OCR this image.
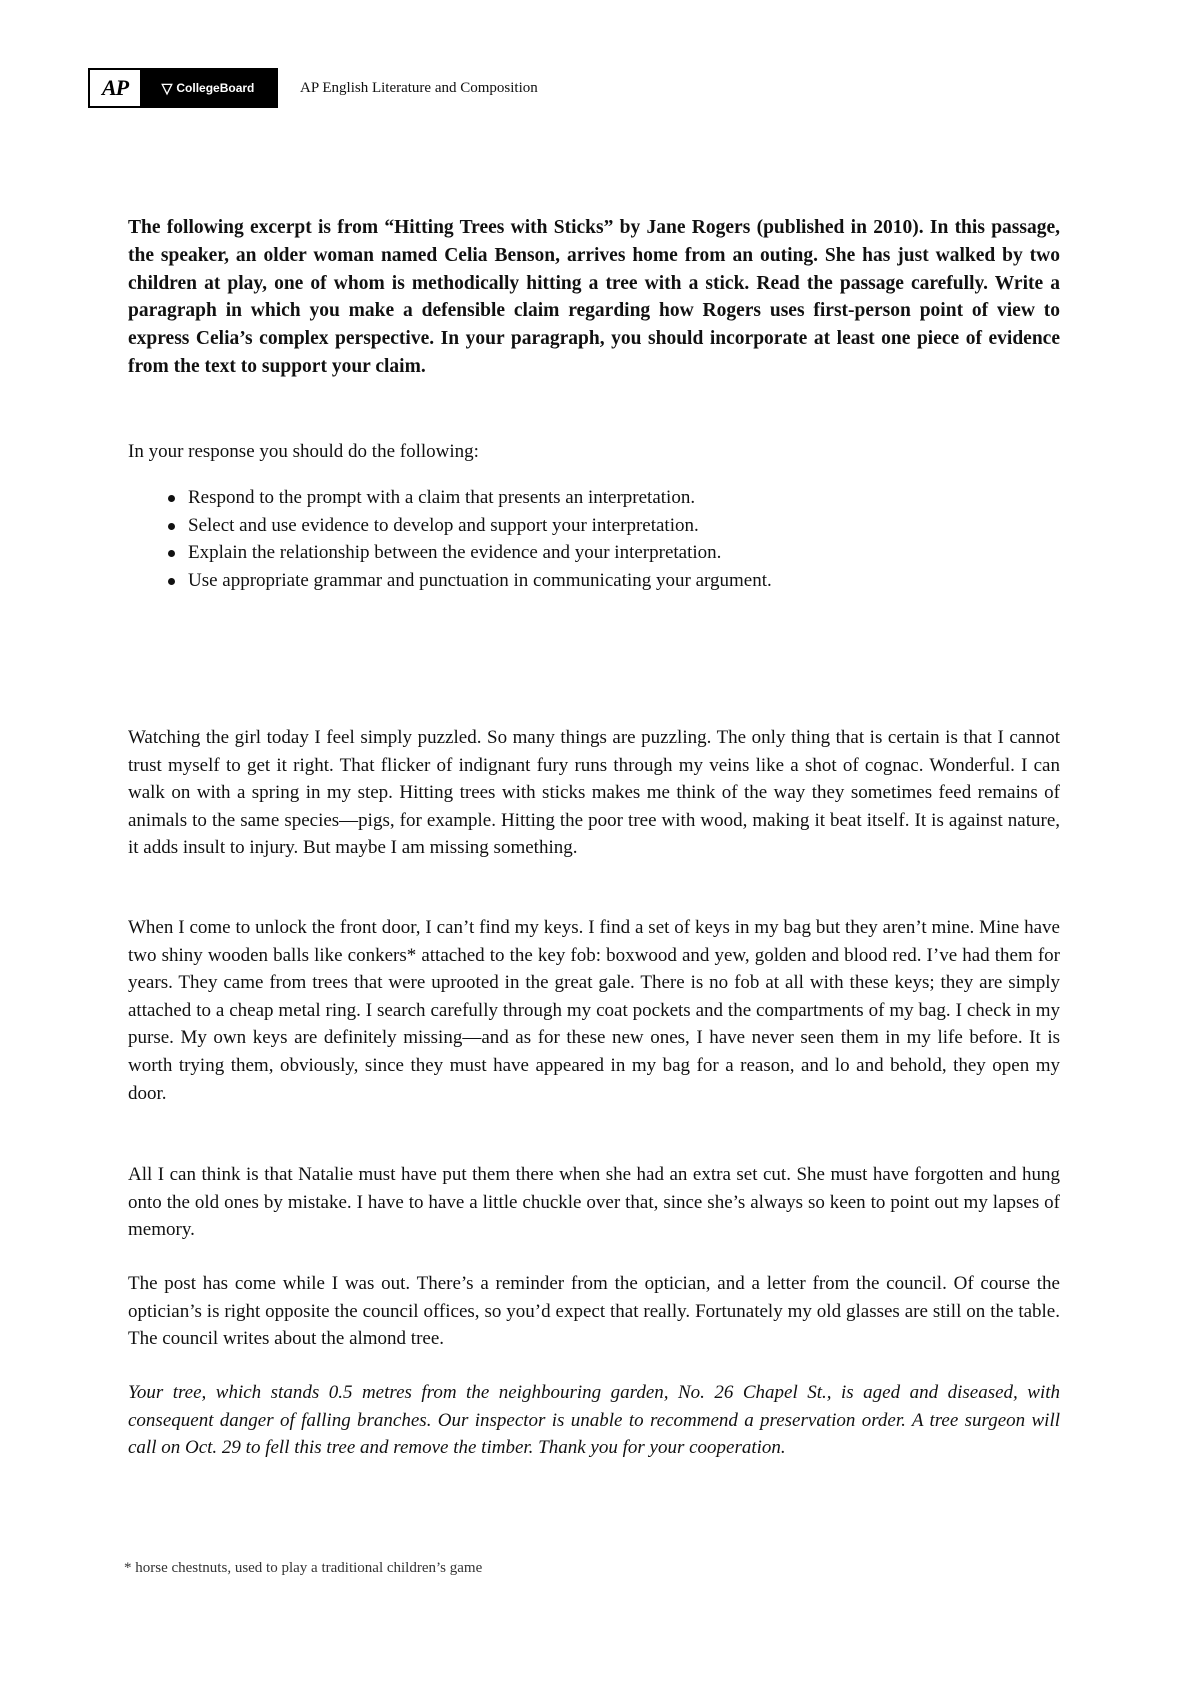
AP	▽ CollegeBoard	AP English Literature and Composition

The following excerpt is from “Hitting Trees with Sticks” by Jane Rogers (published in 2010). In this passage, the speaker, an older woman named Celia Benson, arrives home from an outing. She has just walked by two children at play, one of whom is methodically hitting a tree with a stick. Read the passage carefully. Write a paragraph in which you make a defensible claim regarding how Rogers uses first-person point of view to express Celia’s complex perspective. In your paragraph, you should incorporate at least one piece of evidence from the text to support your claim.

In your response you should do the following:

Respond to the prompt with a claim that presents an interpretation.
Select and use evidence to develop and support your interpretation.
Explain the relationship between the evidence and your interpretation.
Use appropriate grammar and punctuation in communicating your argument.

Watching the girl today I feel simply puzzled. So many things are puzzling. The only thing that is certain is that I cannot trust myself to get it right. That flicker of indignant fury runs through my veins like a shot of cognac. Wonderful. I can walk on with a spring in my step. Hitting trees with sticks makes me think of the way they sometimes feed remains of animals to the same species—pigs, for example. Hitting the poor tree with wood, making it beat itself. It is against nature, it adds insult to injury. But maybe I am missing something.

When I come to unlock the front door, I can’t find my keys. I find a set of keys in my bag but they aren’t mine. Mine have two shiny wooden balls like conkers* attached to the key fob: boxwood and yew, golden and blood red. I’ve had them for years. They came from trees that were uprooted in the great gale. There is no fob at all with these keys; they are simply attached to a cheap metal ring. I search carefully through my coat pockets and the compartments of my bag. I check in my purse. My own keys are definitely missing—and as for these new ones, I have never seen them in my life before. It is worth trying them, obviously, since they must have appeared in my bag for a reason, and lo and behold, they open my door.

All I can think is that Natalie must have put them there when she had an extra set cut. She must have forgotten and hung onto the old ones by mistake. I have to have a little chuckle over that, since she’s always so keen to point out my lapses of memory.

The post has come while I was out. There’s a reminder from the optician, and a letter from the council. Of course the optician’s is right opposite the council offices, so you’d expect that really. Fortunately my old glasses are still on the table. The council writes about the almond tree.

Your tree, which stands 0.5 metres from the neighbouring garden, No. 26 Chapel St., is aged and diseased, with consequent danger of falling branches. Our inspector is unable to recommend a preservation order. A tree surgeon will call on Oct. 29 to fell this tree and remove the timber. Thank you for your cooperation.

* horse chestnuts, used to play a traditional children’s game
